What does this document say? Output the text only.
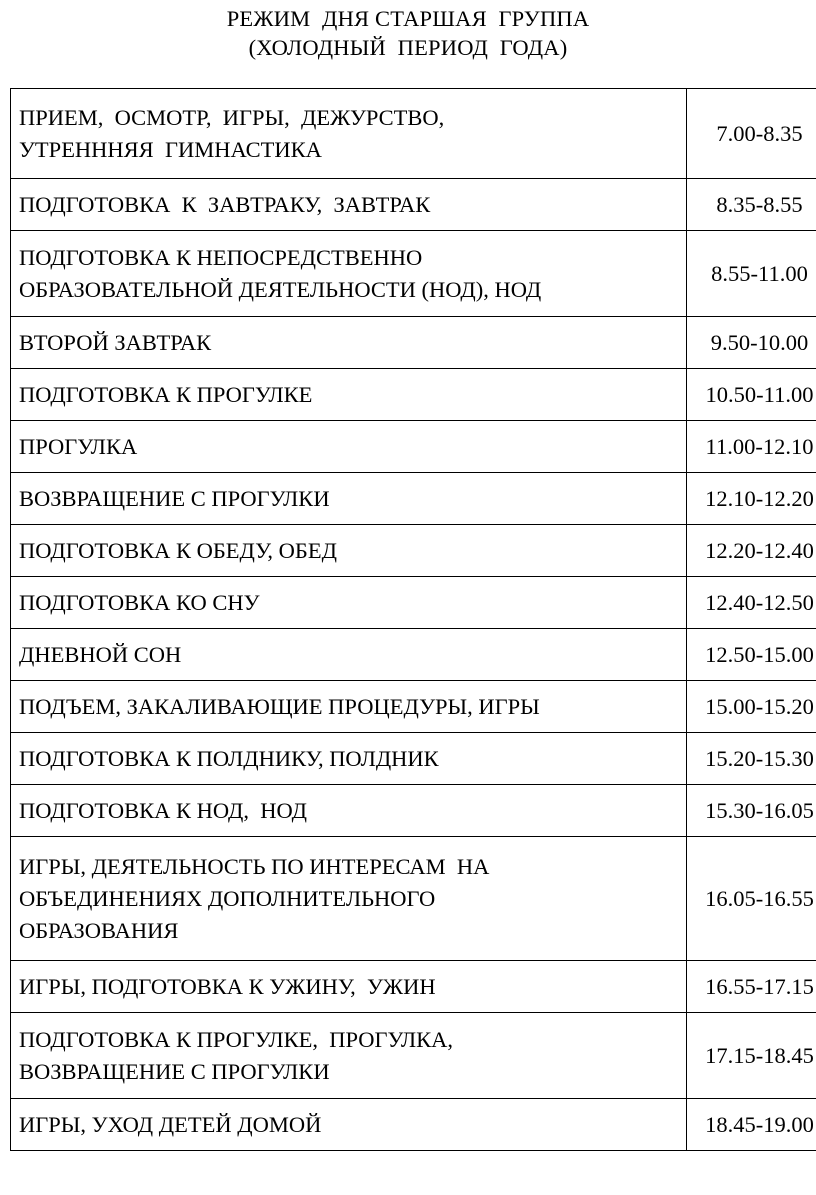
РЕЖИМ  ДНЯ СТАРШАЯ  ГРУППА
(ХОЛОДНЫЙ  ПЕРИОД  ГОДА)
ПРИЕМ,  ОСМОТР,  ИГРЫ,  ДЕЖУРСТВО,
УТРЕНННЯЯ  ГИМНАСТИКА	7.00-8.35
ПОДГОТОВКА  К  ЗАВТРАКУ,  ЗАВТРАК	8.35-8.55
ПОДГОТОВКА К НЕПОСРЕДСТВЕННО
ОБРАЗОВАТЕЛЬНОЙ ДЕЯТЕЛЬНОСТИ (НОД), НОД	8.55-11.00
ВТОРОЙ ЗАВТРАК	9.50-10.00
ПОДГОТОВКА К ПРОГУЛКЕ	10.50-11.00
ПРОГУЛКА	11.00-12.10
ВОЗВРАЩЕНИЕ С ПРОГУЛКИ	12.10-12.20
ПОДГОТОВКА К ОБЕДУ, ОБЕД	12.20-12.40
ПОДГОТОВКА КО СНУ	12.40-12.50
ДНЕВНОЙ СОН	12.50-15.00
ПОДЪЕМ, ЗАКАЛИВАЮЩИЕ ПРОЦЕДУРЫ, ИГРЫ	15.00-15.20
ПОДГОТОВКА К ПОЛДНИКУ, ПОЛДНИК	15.20-15.30
ПОДГОТОВКА К НОД,  НОД	15.30-16.05
ИГРЫ, ДЕЯТЕЛЬНОСТЬ ПО ИНТЕРЕСАМ  НА
ОБЪЕДИНЕНИЯХ ДОПОЛНИТЕЛЬНОГО
ОБРАЗОВАНИЯ	16.05-16.55
ИГРЫ, ПОДГОТОВКА К УЖИНУ,  УЖИН	16.55-17.15
ПОДГОТОВКА К ПРОГУЛКЕ,  ПРОГУЛКА,
ВОЗВРАЩЕНИЕ С ПРОГУЛКИ	17.15-18.45
ИГРЫ, УХОД ДЕТЕЙ ДОМОЙ	18.45-19.00
